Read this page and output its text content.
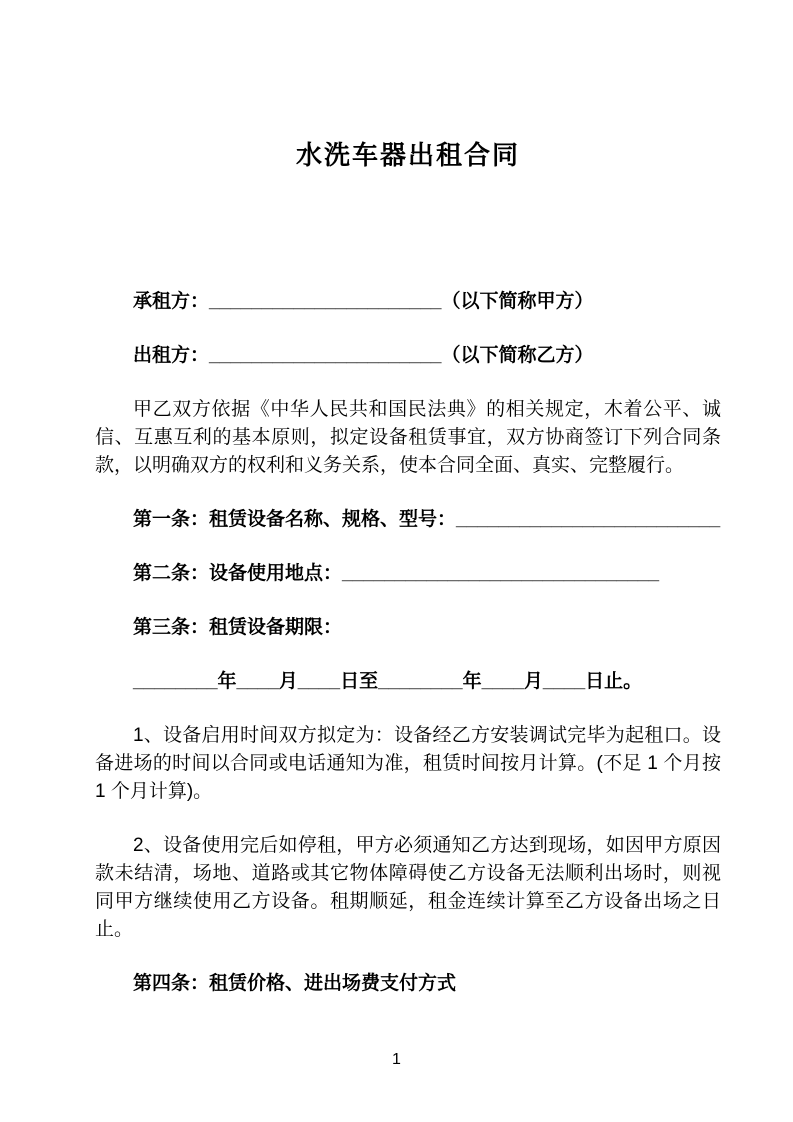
水洗车器出租合同

承租方：______________________（以下简称甲方）

出租方：______________________（以下简称乙方）

甲乙双方依据《中华人民共和国民法典》的相关规定，木着公平、诚信、互惠互利的基本原则，拟定设备租赁事宜，双方协商签订下列合同条款，以明确双方的权利和义务关系，使本合同全面、真实、完整履行。

第一条：租赁设备名称、规格、型号：_________________________

第二条：设备使用地点：______________________________

第三条：租赁设备期限：

________年____月____日至________年____月____日止。

1、设备启用时间双方拟定为：设备经乙方安装调试完毕为起租口。设备进场的时间以合同或电话通知为准，租赁时间按月计算。(不足 1 个月按 1 个月计算)。

2、设备使用完后如停租，甲方必须通知乙方达到现场，如因甲方原因款未结清，场地、道路或其它物体障碍使乙方设备无法顺利出场时，则视同甲方继续使用乙方设备。租期顺延，租金连续计算至乙方设备出场之日止。

第四条：租赁价格、进出场费支付方式

1
